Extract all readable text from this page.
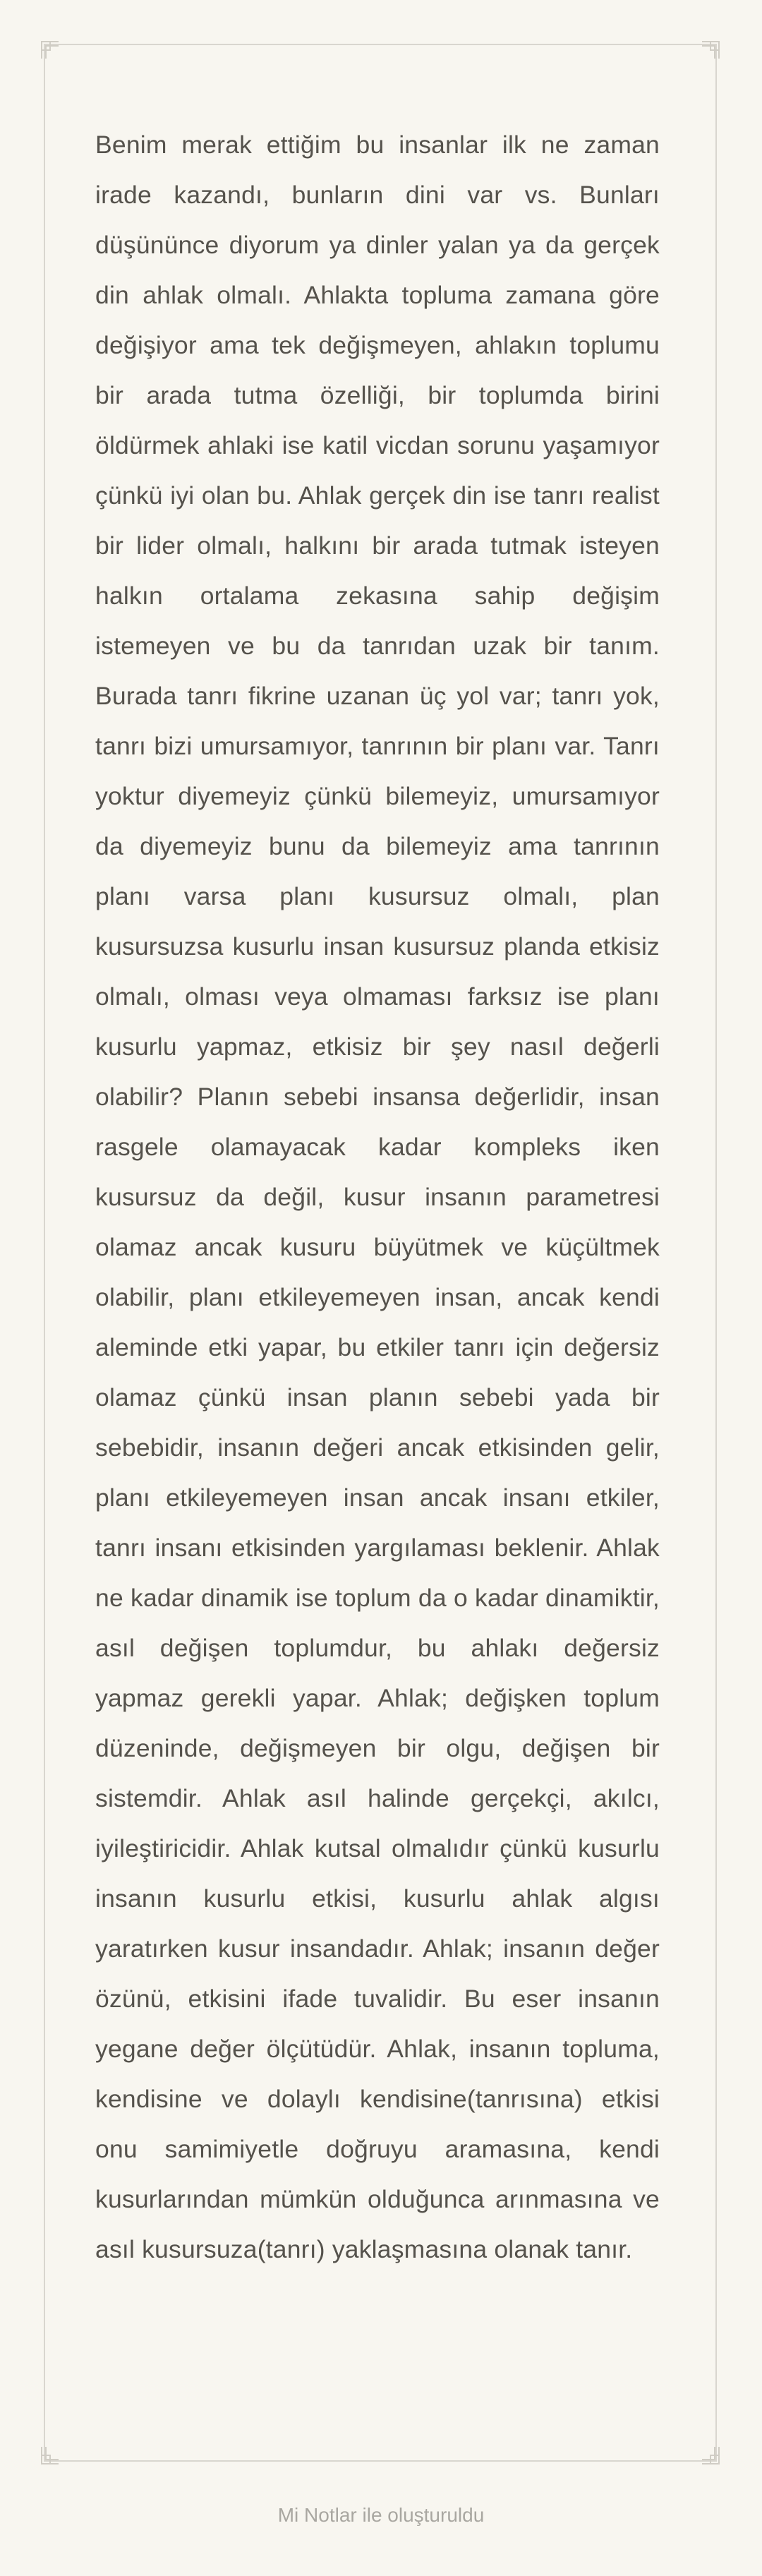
Benim merak ettiğim bu insanlar ilk ne zaman irade kazandı, bunların dini var vs. Bunları düşününce diyorum ya dinler yalan ya da gerçek din ahlak olmalı. Ahlakta topluma zamana göre değişiyor ama tek değişmeyen, ahlakın toplumu bir arada tutma özelliği, bir toplumda birini öldürmek ahlaki ise katil vicdan sorunu yaşamıyor çünkü iyi olan bu. Ahlak gerçek din ise tanrı realist bir lider olmalı, halkını bir arada tutmak isteyen halkın ortalama zekasına sahip değişim istemeyen ve bu da tanrıdan uzak bir tanım. Burada tanrı fikrine uzanan üç yol var; tanrı yok, tanrı bizi umursamıyor, tanrının bir planı var. Tanrı yoktur diyemeyiz çünkü bilemeyiz, umursamıyor da diyemeyiz bunu da bilemeyiz ama tanrının planı varsa planı kusursuz olmalı, plan kusursuzsa kusurlu insan kusursuz planda etkisiz olmalı, olması veya olmaması farksız ise planı kusurlu yapmaz, etkisiz bir şey nasıl değerli olabilir? Planın sebebi insansa değerlidir, insan rasgele olamayacak kadar kompleks iken kusursuz da değil, kusur insanın parametresi olamaz ancak kusuru büyütmek ve küçültmek olabilir, planı etkileyemeyen insan, ancak kendi aleminde etki yapar, bu etkiler tanrı için değersiz olamaz çünkü insan planın sebebi yada bir sebebidir, insanın değeri ancak etkisinden gelir, planı etkileyemeyen insan ancak insanı etkiler, tanrı insanı etkisinden yargılaması beklenir. Ahlak ne kadar dinamik ise toplum da o kadar dinamiktir, asıl değişen toplumdur, bu ahlakı değersiz yapmaz gerekli yapar. Ahlak; değişken toplum düzeninde, değişmeyen bir olgu, değişen bir sistemdir. Ahlak asıl halinde gerçekçi, akılcı, iyileştiricidir. Ahlak kutsal olmalıdır çünkü kusurlu insanın kusurlu etkisi, kusurlu ahlak algısı yaratırken kusur insandadır. Ahlak; insanın değer özünü, etkisini ifade tuvalidir. Bu eser insanın yegane değer ölçütüdür. Ahlak, insanın topluma, kendisine ve dolaylı kendisine(tanrısına) etkisi onu samimiyetle doğruyu aramasına, kendi kusurlarından mümkün olduğunca arınmasına ve asıl kusursuza(tanrı) yaklaşmasına olanak tanır.

Mi Notlar ile oluşturuldu
